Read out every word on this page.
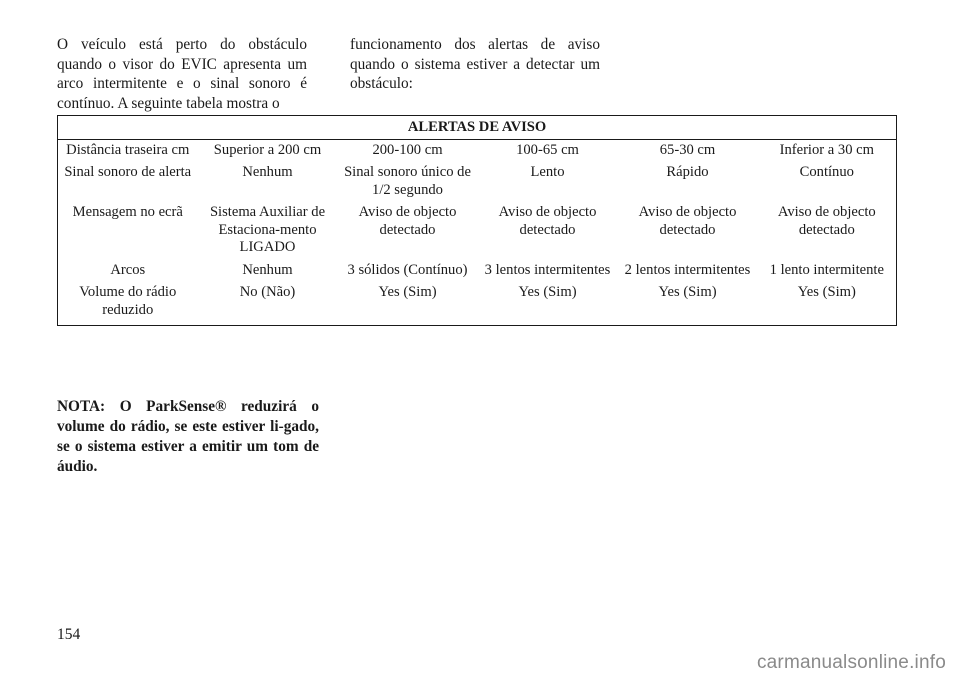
O veículo está perto do obstáculo quando o visor do EVIC apresenta um arco intermitente e o sinal sonoro é contínuo. A seguinte tabela mostra o
funcionamento dos alertas de aviso quando o sistema estiver a detectar um obstáculo:
ALERTAS DE AVISO					
Distância traseira cm	Superior a 200 cm	200-100 cm	100-65 cm	65-30 cm	Inferior a 30 cm
Sinal sonoro de alerta	Nenhum	Sinal sonoro único de 1/2 segundo	Lento	Rápido	Contínuo
Mensagem no ecrã	Sistema Auxiliar de Estaciona-mento LIGADO	Aviso de objecto detectado	Aviso de objecto detectado	Aviso de objecto detectado	Aviso de objecto detectado
Arcos	Nenhum	3 sólidos (Contínuo)	3 lentos intermitentes	2 lentos intermitentes	1 lento intermitente
Volume do rádio reduzido	No (Não)	Yes (Sim)	Yes (Sim)	Yes (Sim)	Yes (Sim)
NOTA: O ParkSense® reduzirá o volume do rádio, se este estiver li-gado, se o sistema estiver a emitir um tom de áudio.
154
carmanualsonline.info
